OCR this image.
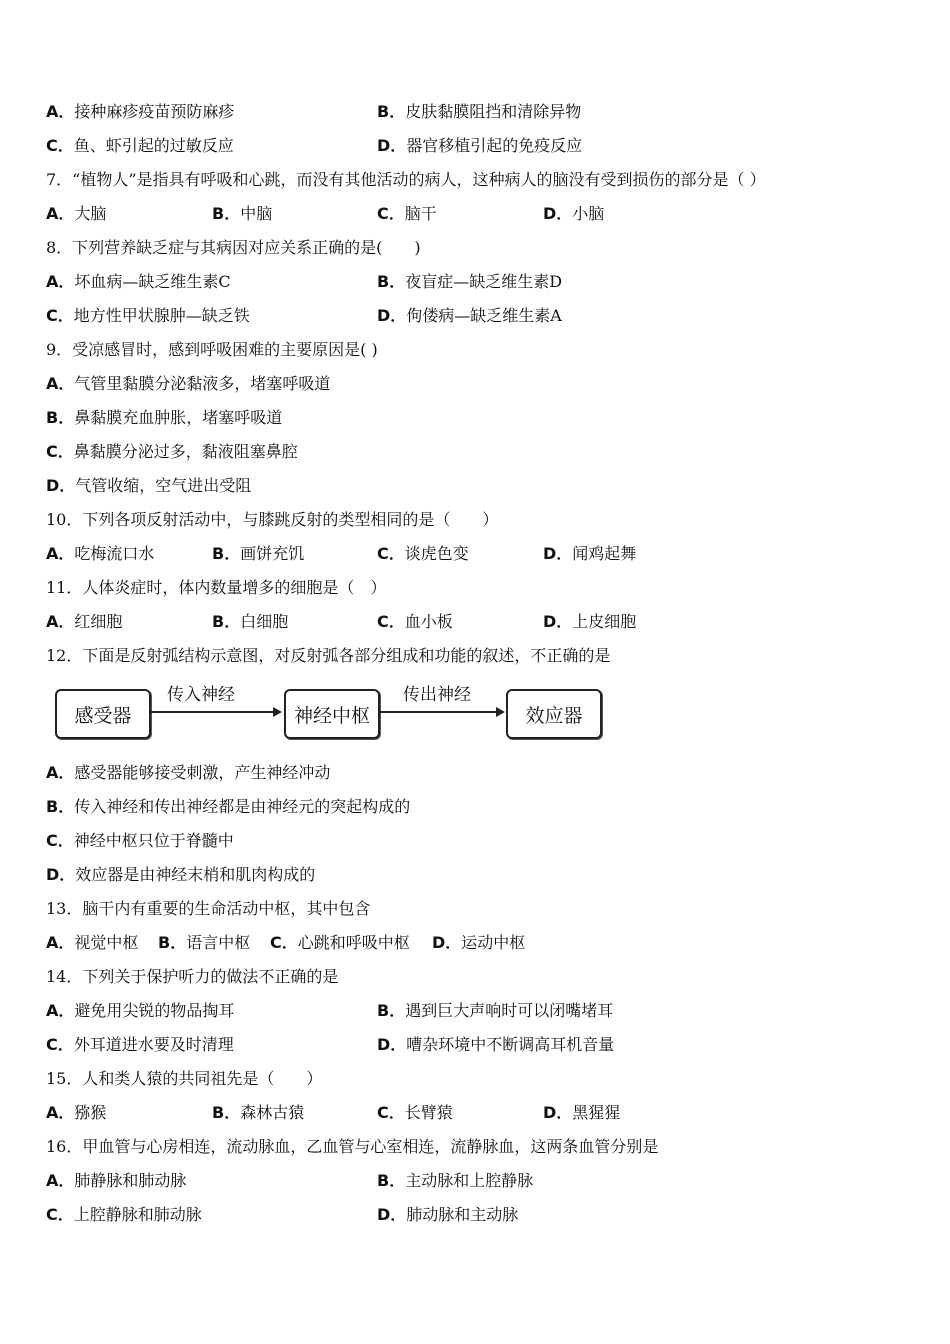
A．接种麻疹疫苗预防麻疹	B．皮肤黏膜阻挡和清除异物
C．鱼、虾引起的过敏反应	D．器官移植引起的免疫反应
7．“植物人”是指具有呼吸和心跳，而没有其他活动的病人，这种病人的脑没有受到损伤的部分是（ ）
A．大脑	B．中脑	C．脑干	D．小脑
8．下列营养缺乏症与其病因对应关系正确的是(　　)
A．坏血病—缺乏维生素C	B．夜盲症—缺乏维生素D
C．地方性甲状腺肿—缺乏铁	D．佝偻病—缺乏维生素A
9．受凉感冒时，感到呼吸困难的主要原因是( )
A．气管里黏膜分泌黏液多，堵塞呼吸道
B．鼻黏膜充血肿胀，堵塞呼吸道
C．鼻黏膜分泌过多，黏液阻塞鼻腔
D．气管收缩，空气进出受阻
10．下列各项反射活动中，与膝跳反射的类型相同的是（　　）
A．吃梅流口水	B．画饼充饥	C．谈虎色变	D．闻鸡起舞
11．人体炎症时，体内数量增多的细胞是（　）
A．红细胞	B．白细胞	C．血小板	D．上皮细胞
12．下面是反射弧结构示意图，对反射弧各部分组成和功能的叙述，不正确的是
感受器
传入神经
神经中枢
传出神经
效应器
A．感受器能够接受刺激，产生神经冲动
B．传入神经和传出神经都是由神经元的突起构成的
C．神经中枢只位于脊髓中
D．效应器是由神经末梢和肌肉构成的
13．脑干内有重要的生命活动中枢，其中包含
A．视觉中枢 B．语言中枢 C．心跳和呼吸中枢 D．运动中枢
14．下列关于保护听力的做法不正确的是
A．避免用尖锐的物品掏耳	B．遇到巨大声响时可以闭嘴堵耳
C．外耳道进水要及时清理	D．嘈杂环境中不断调高耳机音量
15．人和类人猿的共同祖先是（　　）
A．猕猴	B．森林古猿	C．长臂猿	D．黑猩猩
16．甲血管与心房相连，流动脉血，乙血管与心室相连，流静脉血，这两条血管分别是
A．肺静脉和肺动脉	B．主动脉和上腔静脉
C．上腔静脉和肺动脉	D．肺动脉和主动脉
